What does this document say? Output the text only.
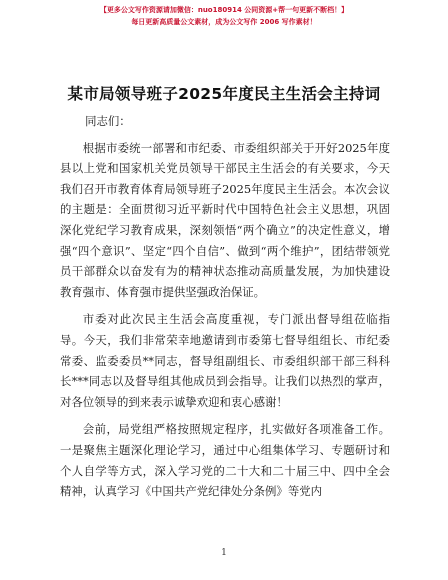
【更多公文写作资源请加微信：nuo180914 公同资源+帮一句更新不断档！】
每日更新高质量公文素材，成为公文写作 2006 写作素材！
某市局领导班子2025年度民主生活会主持词

同志们：

根据市委统一部署和市纪委、市委组织部关于开好2025年度县以上党和国家机关党员领导干部民主生活会的有关要求，今天我们召开市教育体育局领导班子2025年度民主生活会。本次会议的主题是：全面贯彻习近平新时代中国特色社会主义思想，巩固深化党纪学习教育成果，深刻领悟“两个确立”的决定性意义，增强“四个意识”、坚定“四个自信”、做到“两个维护”，团结带领党员干部群众以奋发有为的精神状态推动高质量发展，为加快建设教育强市、体育强市提供坚强政治保证。

市委对此次民主生活会高度重视，专门派出督导组莅临指导。今天，我们非常荣幸地邀请到市委第七督导组组长、市纪委常委、监委委员**同志，督导组副组长、市委组织部干部三科科长***同志以及督导组其他成员到会指导。让我们以热烈的掌声，对各位领导的到来表示诚挚欢迎和衷心感谢！

会前，局党组严格按照规定程序，扎实做好各项准备工作。一是聚焦主题深化理论学习，通过中心组集体学习、专题研讨和个人自学等方式，深入学习党的二十大和二十届三中、四中全会精神，认真学习《中国共产党纪律处分条例》等党内

1
